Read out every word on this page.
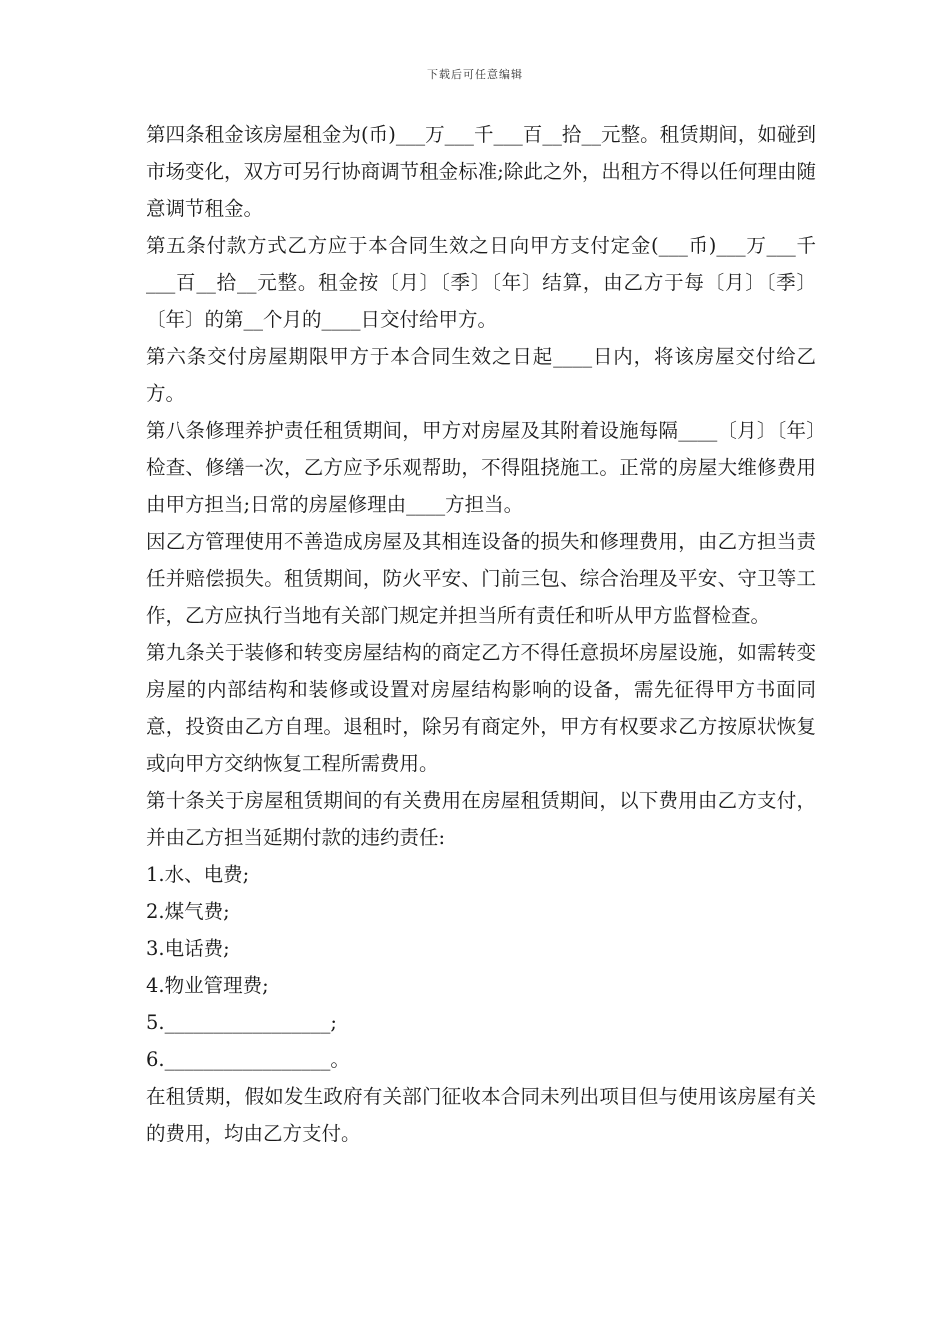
下载后可任意编辑

第四条租金该房屋租金为(币)___万___千___百__拾__元整。租赁期间，如碰到市场变化，双方可另行协商调节租金标准;除此之外，出租方不得以任何理由随意调节租金。

第五条付款方式乙方应于本合同生效之日向甲方支付定金(___币)___万___千___百__拾__元整。租金按〔月〕〔季〕〔年〕结算，由乙方于每〔月〕〔季〕〔年〕的第__个月的____日交付给甲方。

第六条交付房屋期限甲方于本合同生效之日起____日内，将该房屋交付给乙方。

第八条修理养护责任租赁期间，甲方对房屋及其附着设施每隔____〔月〕〔年〕检查、修缮一次，乙方应予乐观帮助，不得阻挠施工。正常的房屋大维修费用由甲方担当;日常的房屋修理由____方担当。

因乙方管理使用不善造成房屋及其相连设备的损失和修理费用，由乙方担当责任并赔偿损失。租赁期间，防火平安、门前三包、综合治理及平安、守卫等工作，乙方应执行当地有关部门规定并担当所有责任和听从甲方监督检查。

第九条关于装修和转变房屋结构的商定乙方不得任意损坏房屋设施，如需转变房屋的内部结构和装修或设置对房屋结构影响的设备，需先征得甲方书面同意，投资由乙方自理。退租时，除另有商定外，甲方有权要求乙方按原状恢复或向甲方交纳恢复工程所需费用。

第十条关于房屋租赁期间的有关费用在房屋租赁期间，以下费用由乙方支付，并由乙方担当延期付款的违约责任:

1.水、电费;

2.煤气费;

3.电话费;

4.物业管理费;

5._________________;

6._________________。

在租赁期，假如发生政府有关部门征收本合同未列出项目但与使用该房屋有关的费用，均由乙方支付。
